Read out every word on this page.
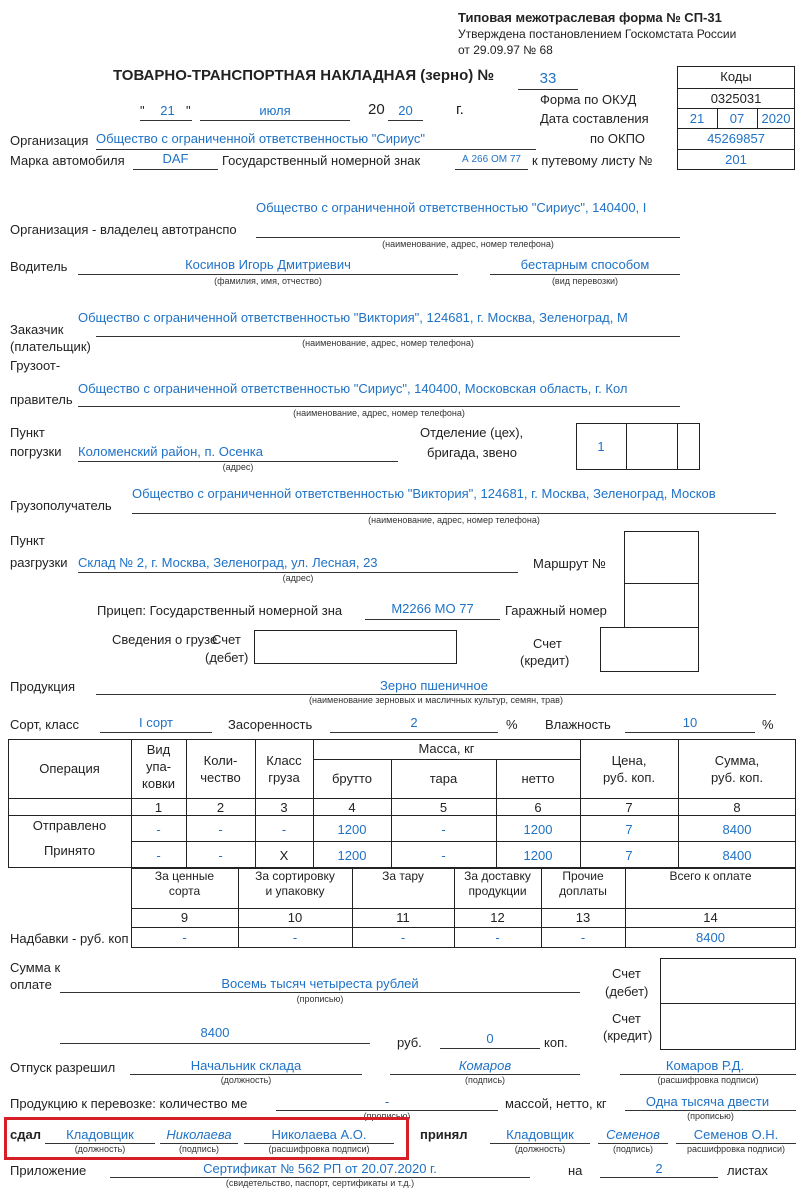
Типовая межотраслевая форма № СП-31
Утверждена постановлением Госкомстата России
от 29.09.97 № 68
ТОВАРНО-ТРАНСПОРТНАЯ НАКЛАДНАЯ (зерно) №	33
"	21 "	июля	20	20	г.
Коды
0325031
21	07	2020
45269857
201
Форма по ОКУД
Дата составления
по ОКПО
Организация Общество с ограниченной ответственностью "Сириус"
Марка автомобиля	DAF	Государственный номерной знак	А 266 ОМ 77 к путевому листу №
Общество с ограниченной ответственностью "Сириус", 140400, I
Организация - владелец автотранспо
(наименование, адрес, номер телефона)
Водитель	Косинов Игорь Дмитриевич
(фамилия, имя, отчество)
бестарным способом
(вид перевозки)
Общество с ограниченной ответственностью "Виктория", 124681, г. Москва, Зеленоград, М
Заказчик
(плательщик)	(наименование, адрес, номер телефона)
Грузоот-
Общество с ограниченной ответственностью "Сириус", 140400, Московская область, г. Кол
правитель
(наименование, адрес, номер телефона)
Пункт
погрузки Коломенский район, п. Осенка
(адрес)
Отделение (цех),
бригада, звено	1
Общество с ограниченной ответственностью "Виктория", 124681, г. Москва, Зеленоград, Москов
Грузополучатель
(наименование, адрес, номер телефона)
Пункт
разгрузки Склад № 2, г. Москва, Зеленоград, ул. Лесная, 23
(адрес)
Маршрут №
Прицеп: Государственный номерной зна	М2266 МО 77	Гаражный номер
Сведения о грузе
Счет
(дебет)
Счет
(кредит)
Продукция	Зерно пшеничное
(наименование зерновых и масличных культур, семян, трав)
Сорт, класс	I сорт	Засоренность	2	% Влажность	10	%
Операция
Вид
упа-
ковки
Коли-
чество
Класс
груза
Масса, кг
брутто	тара	нетто
Цена,
руб. коп.
Сумма,
руб. коп.
1	2	3	4	5	6	7	8
Отправлено	-	-	-	1200	-	1200	7	8400
Принято	-	-	Х	1200	-	1200	7	8400
За ценные
сорта
За сортировку
и упаковку
За тару	За доставку
продукции
Прочие
доплаты
Всего к оплате
9	10	11	12	13	14
Надбавки - руб. коп	-	-	-	-	-	8400
Сумма к
оплате	Восемь тысяч четыреста рублей
(прописью)
Счет
(дебет)
Счет
(кредит)
8400
руб.	0	коп.
Отпуск разрешил	Начальник склада
(должность)
Комаров
(подпись)
Комаров Р.Д.
(расшифровка подписи)
Продукцию к перевозке: количество ме	-
(прописью)
массой, нетто, кг	Одна тысяча двести
(прописью)
сдал	Кладовщик
(должность)
Николаева
(подпись)
Николаева А.О.
(расшифровка подписи)
принял	Кладовщик
(должность)
Семенов
(подпись)
Семенов О.Н.
расшифровка подписи)
Приложение	Сертификат № 562 РП от 20.07.2020 г.
(свидетельство, паспорт, сертификаты и т.д.)
на	2	листах
